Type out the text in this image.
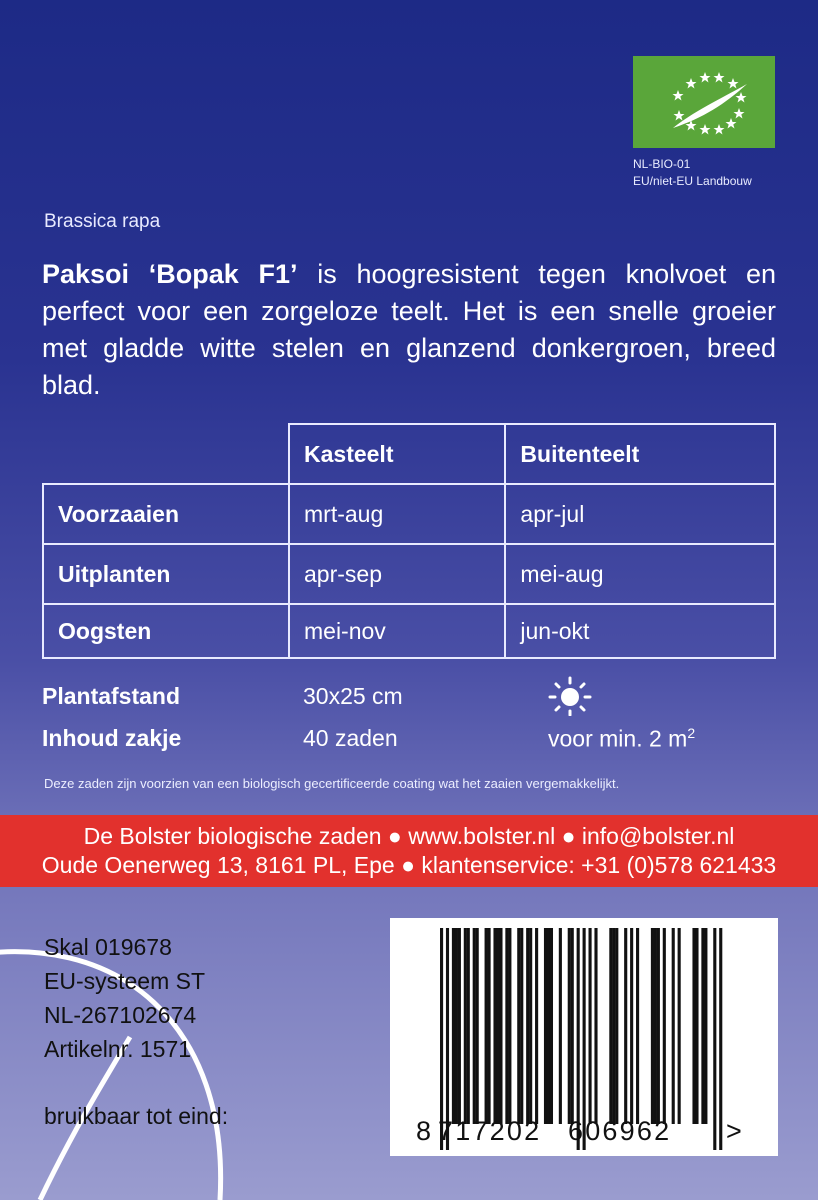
NL-BIO-01
EU/niet-EU Landbouw
Brassica rapa
Paksoi ‘Bopak F1’ is hoogresistent tegen knolvoet en perfect voor een zorgeloze teelt. Het is een snelle groeier met gladde witte stelen en glanzend donkergroen, breed blad.
	Kasteelt	Buitenteelt
Voorzaaien	mrt-aug	apr-jul
Uitplanten	apr-sep	mei-aug
Oogsten	mei-nov	jun-okt
Plantafstand	30x25 cm
Inhoud zakje	40 zaden	voor min. 2 $m^2$
Deze zaden zijn voorzien van een biologisch gecertificeerde coating wat het zaaien vergemakkelijkt.
De Bolster biologische zaden ● www.bolster.nl ● info@bolster.nl
Oude Oenerweg 13, 8161 PL, Epe ● klantenservice: +31 (0)578 621433
Skal 019678
EU-systeem ST
NL-267102674
Artikelnr. 1571
bruikbaar tot eind:	8 717202 606962 >
